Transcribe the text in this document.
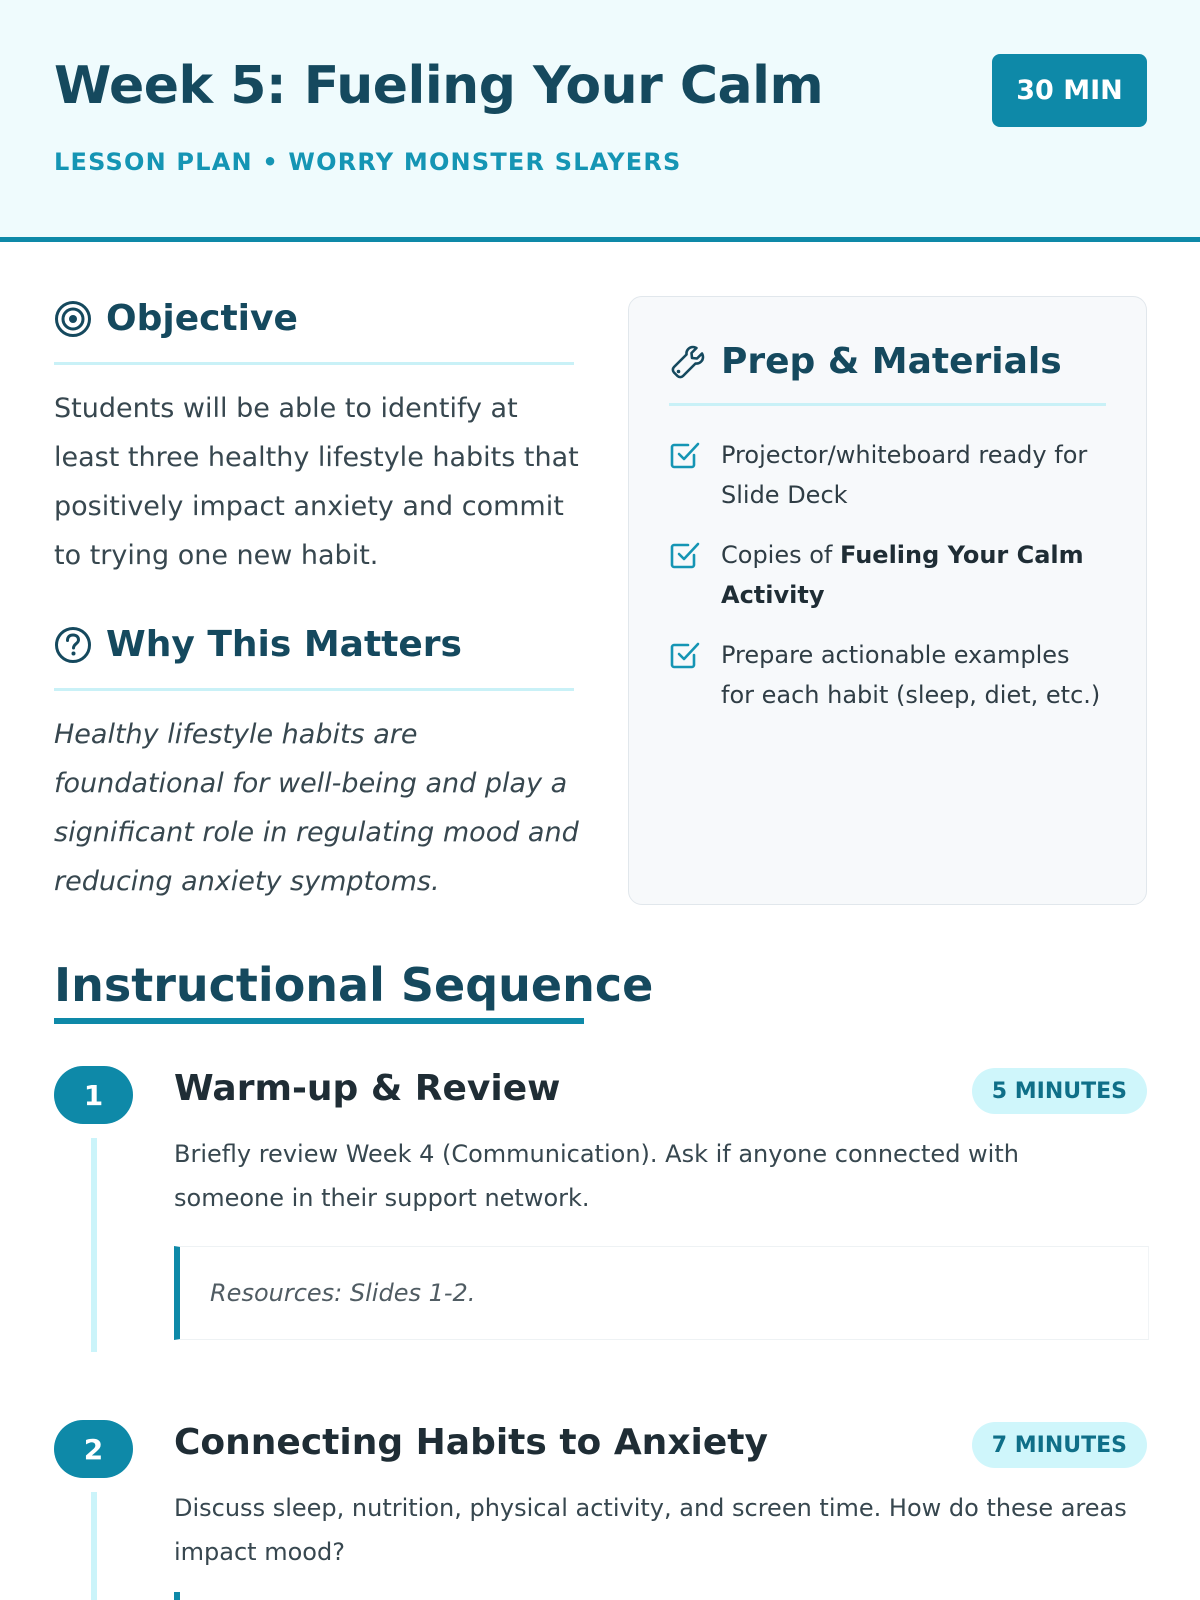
Week 5: Fueling Your Calm
LESSON PLAN • WORRY MONSTER SLAYERS
30 MIN
Objective
Students will be able to identify at least three healthy lifestyle habits that positively impact anxiety and commit to trying one new habit.
Why This Matters
Healthy lifestyle habits are foundational for well-being and play a significant role in regulating mood and reducing anxiety symptoms.
Prep & Materials
Projector/whiteboard ready for Slide Deck
Copies of Fueling Your Calm Activity
Prepare actionable examples for each habit (sleep, diet, etc.)
Instructional Sequence
1	Warm-up & Review	5 MINUTES
Briefly review Week 4 (Communication). Ask if anyone connected with someone in their support network.
Resources: Slides 1-2.
2	Connecting Habits to Anxiety	7 MINUTES
Discuss sleep, nutrition, physical activity, and screen time. How do these areas impact mood?
